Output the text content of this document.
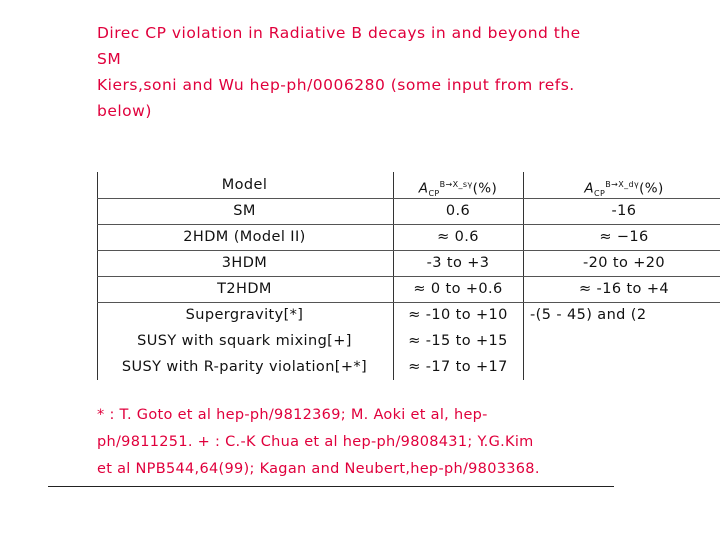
Direc CP violation in Radiative B decays in and beyond the
SM
Kiers,soni and Wu hep-ph/0006280 (some input from refs.
below)
Model	$A_{CP}^{B\to X\_s\gamma}(\%)$	$A_{CP}^{B\to X\_d\gamma}(\%)$
SM	0.6	-16
2HDM (Model II)	≈ 0.6	≈ −16
3HDM	-3 to +3	-20 to +20
T2HDM	≈ 0 to +0.6	≈ -16 to +4
Supergravity[*]	≈ -10 to +10	-(5 - 45) and (2
SUSY with squark mixing[+]	≈ -15 to +15
SUSY with R-parity violation[+*]	≈ -17 to +17
* : T. Goto et al hep-ph/9812369; M. Aoki et al, hep-
ph/9811251. + : C.-K Chua et al hep-ph/9808431; Y.G.Kim
et al NPB544,64(99); Kagan and Neubert,hep-ph/9803368.
